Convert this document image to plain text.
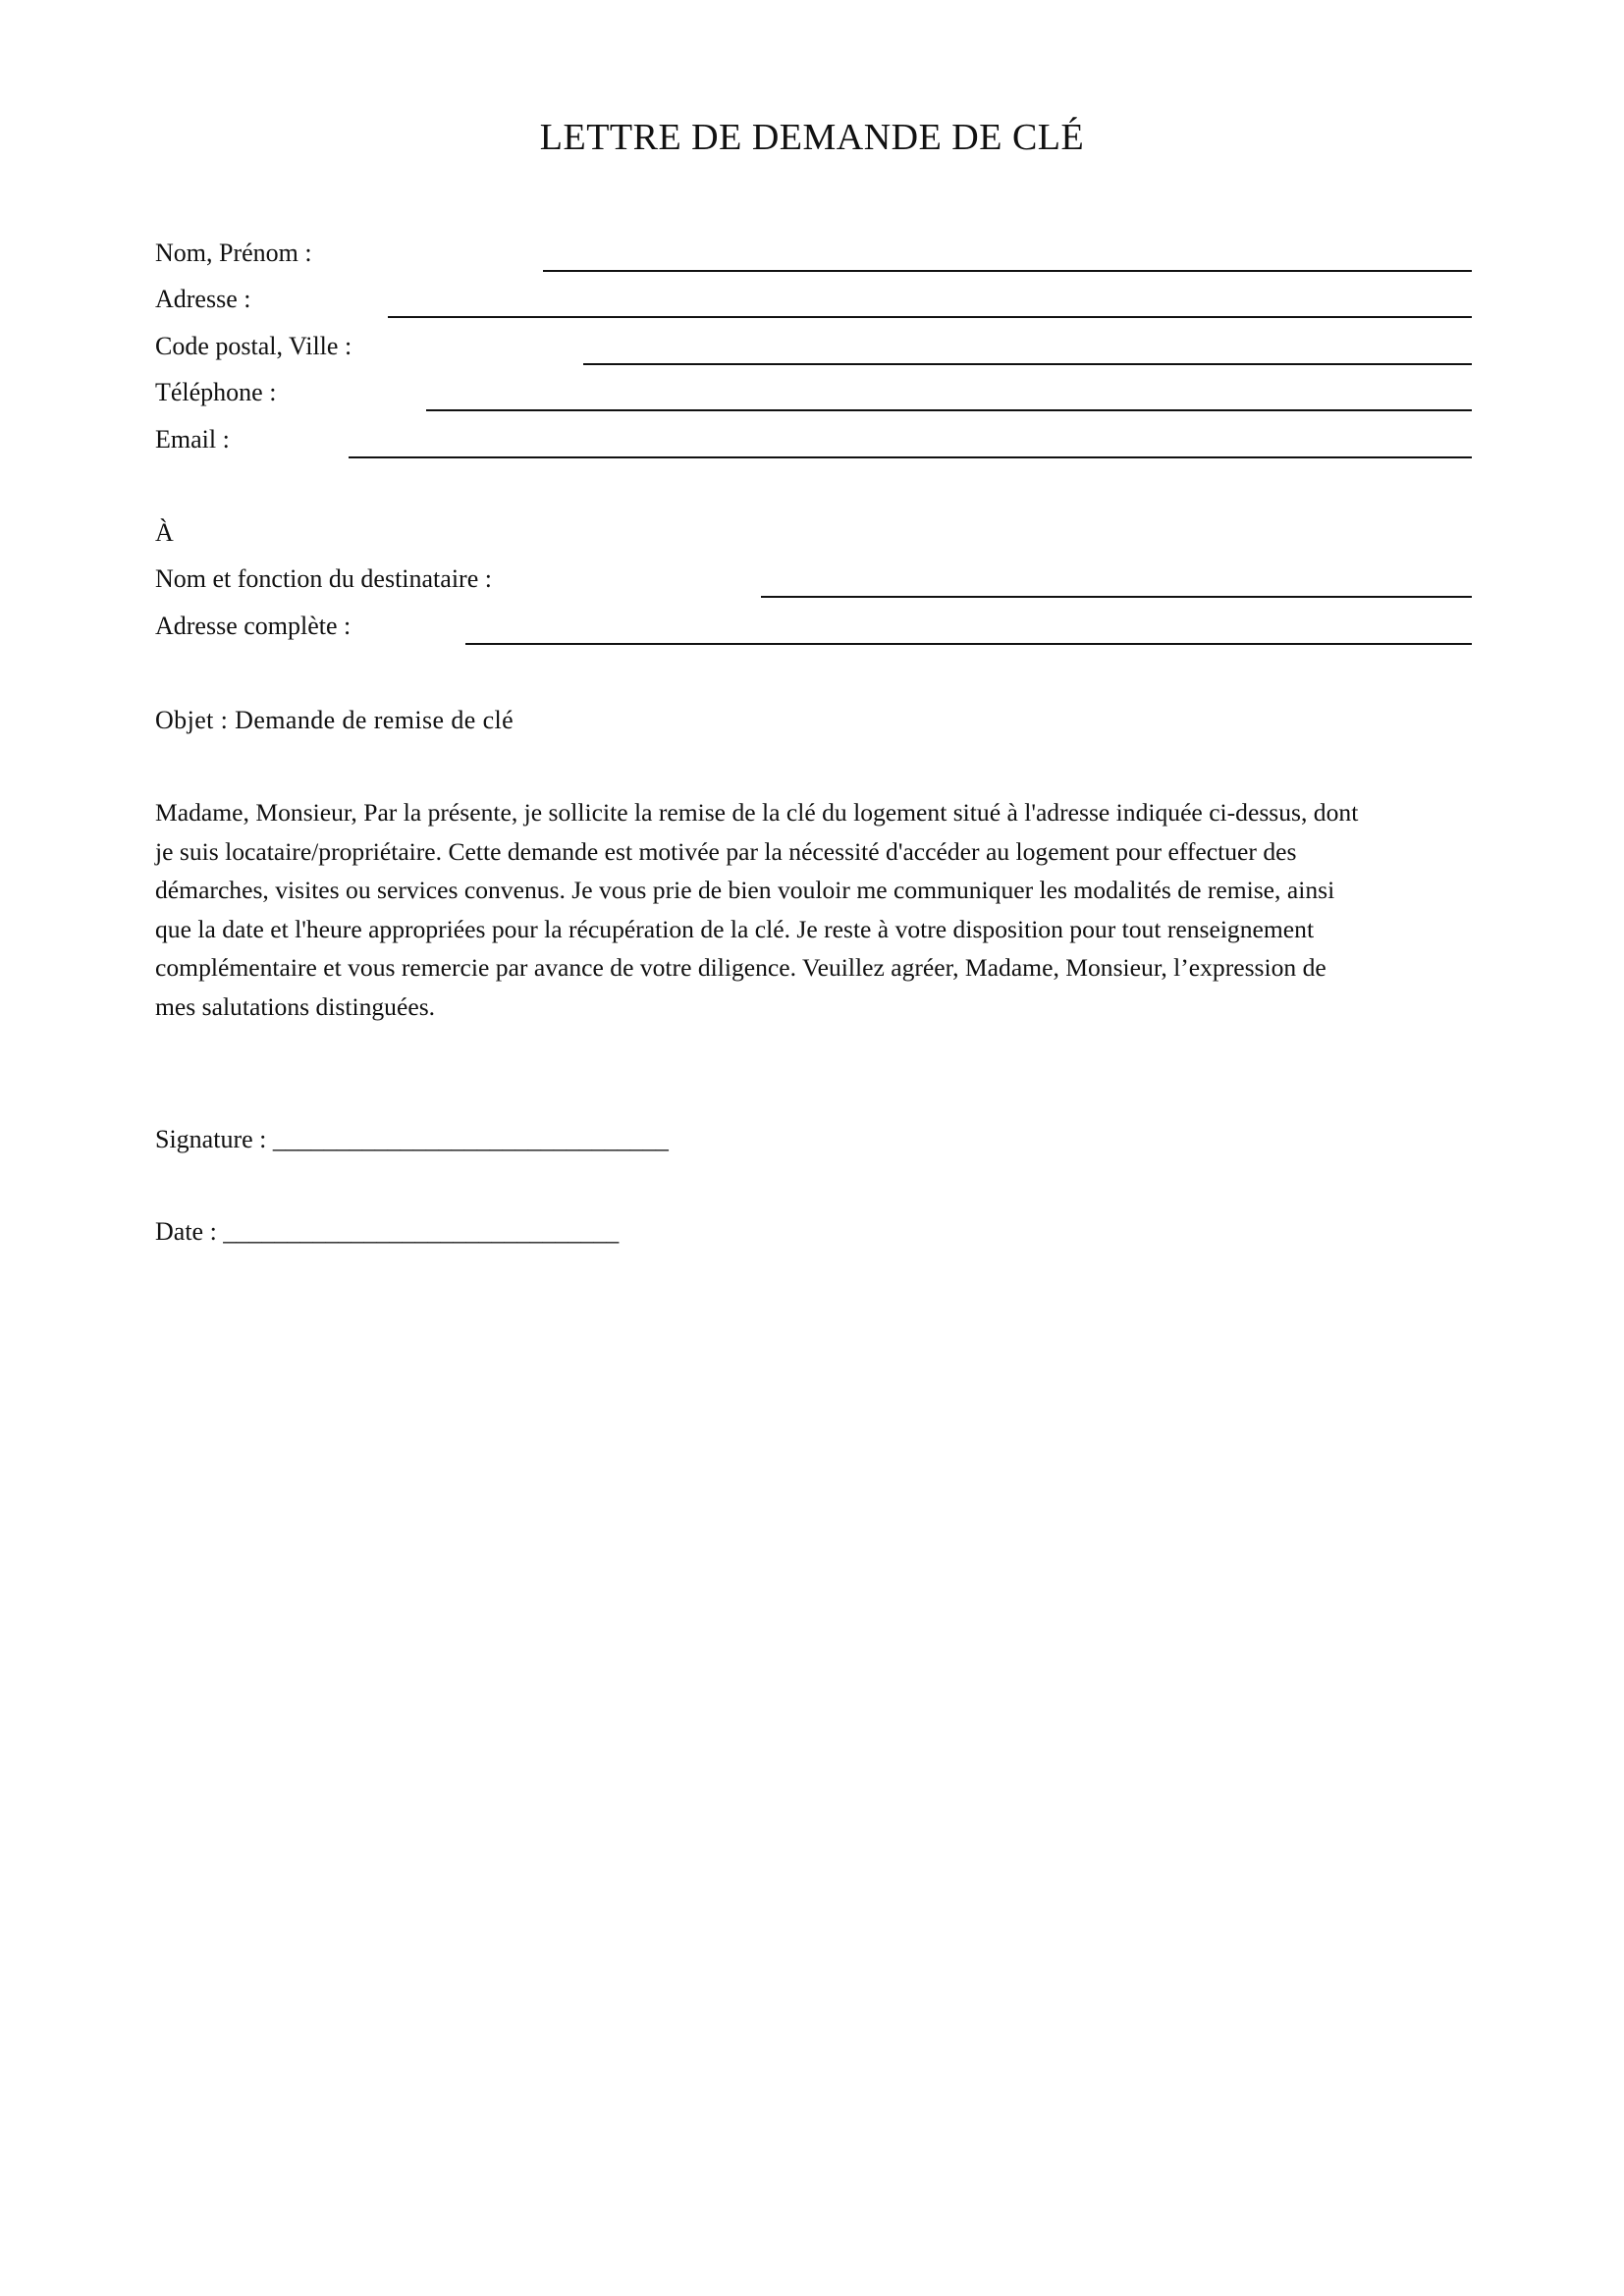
LETTRE DE DEMANDE DE CLÉ
Nom, Prénom :
Adresse :
Code postal, Ville :
Téléphone :
Email :
À
Nom et fonction du destinataire :
Adresse complète :
Objet : Demande de remise de clé
Madame, Monsieur, Par la présente, je sollicite la remise de la clé du logement situé à l'adresse indiquée ci-dessus, dont
je suis locataire/propriétaire. Cette demande est motivée par la nécessité d'accéder au logement pour effectuer des
démarches, visites ou services convenus. Je vous prie de bien vouloir me communiquer les modalités de remise, ainsi
que la date et l'heure appropriées pour la récupération de la clé. Je reste à votre disposition pour tout renseignement
complémentaire et vous remercie par avance de votre diligence. Veuillez agréer, Madame, Monsieur, l’expression de
mes salutations distinguées.
Signature : _______________________________
Date : _______________________________
